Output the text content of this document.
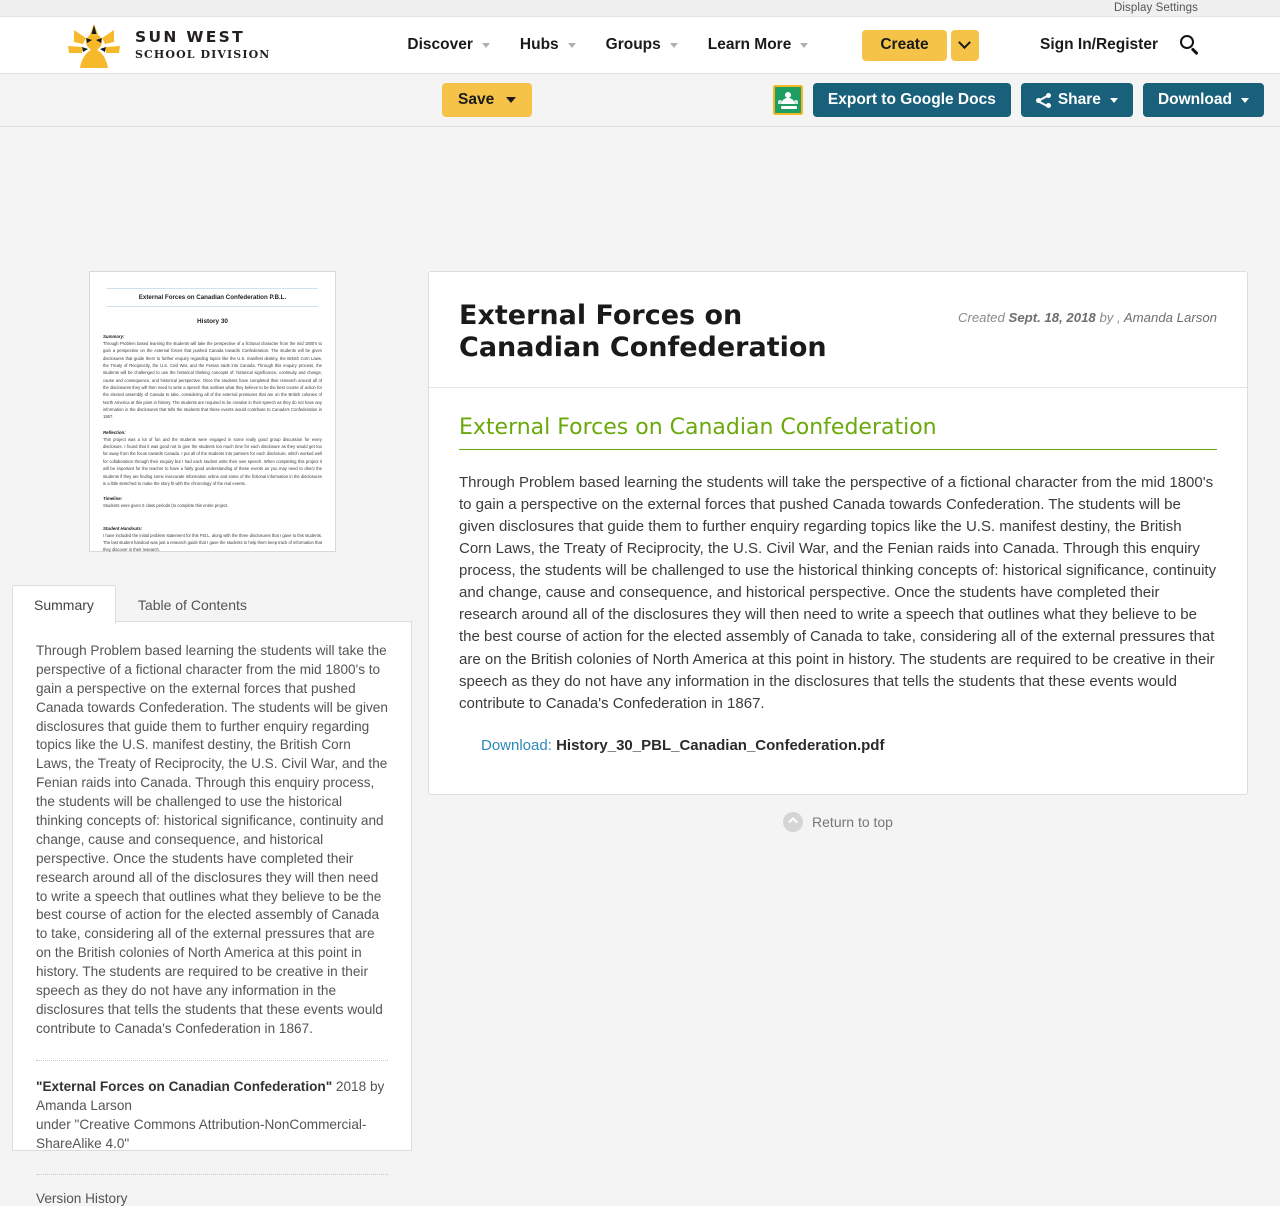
Display Settings
SUN WEST
SCHOOL DIVISION
Discover	Hubs	Groups	Learn More	Create	Sign In/Register
Save	Export to Google Docs	Share	Download
External Forces on Canadian Confederation P.B.L.
History 30
Summary:
Through Problem based learning the students will take the perspective of a fictional character from the mid 1800's to gain a perspective on the external forces that pushed Canada towards Confederation. The students will be given disclosures that guide them to further enquiry regarding topics like the U.S. manifest destiny, the British Corn Laws, the Treaty of Reciprocity, the U.S. Civil War, and the Fenian raids into Canada. Through this enquiry process, the students will be challenged to use the historical thinking concepts of: historical significance, continuity and change, cause and consequence, and historical perspective. Once the students have completed their research around all of the disclosures they will then need to write a speech that outlines what they believe to be the best course of action for the elected assembly of Canada to take, considering all of the external pressures that are on the British colonies of North America at this point in history. The students are required to be creative in their speech as they do not have any information in the disclosures that tells the students that these events would contribute to Canada's Confederation in 1867.
Reflection:
This project was a lot of fun and the students were engaged in some really good group discussion for every disclosure. I found that it was good not to give the students too much time for each disclosure as they would get too far away from the focus towards Canada. I put all of the students into partners for each disclosure, which worked well for collaboration through their enquiry but I had each student write their own speech. When completing this project it will be important for the teacher to have a fairly good understanding of these events as you may need to direct the students if they are finding some inaccurate information online and some of the fictional information in the disclosures is a little stretched to make the story fit with the chronology of the real events.
Timeline:
Students were given 5 class periods (to complete this entire project.
Student Handouts:
I have included the initial problem statement for this P.B.L. along with the three disclosures that I gave to this students. The last student handout was just a research guide that I gave the students to help them keep track of information that they discover in their research.
Summary	Table of Contents

Through Problem based learning the students will take the perspective of a fictional character from the mid 1800's to gain a perspective on the external forces that pushed Canada towards Confederation. The students will be given disclosures that guide them to further enquiry regarding topics like the U.S. manifest destiny, the British Corn Laws, the Treaty of Reciprocity, the U.S. Civil War, and the Fenian raids into Canada. Through this enquiry process, the students will be challenged to use the historical thinking concepts of: historical significance, continuity and change, cause and consequence, and historical perspective. Once the students have completed their research around all of the disclosures they will then need to write a speech that outlines what they believe to be the best course of action for the elected assembly of Canada to take, considering all of the external pressures that are on the British colonies of North America at this point in history. The students are required to be creative in their speech as they do not have any information in the disclosures that tells the students that these events would contribute to Canada's Confederation in 1867.

"External Forces on Canadian Confederation" 2018 by Amanda Larson
under "Creative Commons Attribution-NonCommercial-ShareAlike 4.0"
Version History
External Forces on Canadian Confederation
Created Sept. 18, 2018 by , Amanda Larson
External Forces on Canadian Confederation

Through Problem based learning the students will take the perspective of a fictional character from the mid 1800's to gain a perspective on the external forces that pushed Canada towards Confederation. The students will be given disclosures that guide them to further enquiry regarding topics like the U.S. manifest destiny, the British Corn Laws, the Treaty of Reciprocity, the U.S. Civil War, and the Fenian raids into Canada. Through this enquiry process, the students will be challenged to use the historical thinking concepts of: historical significance, continuity and change, cause and consequence, and historical perspective. Once the students have completed their research around all of the disclosures they will then need to write a speech that outlines what they believe to be the best course of action for the elected assembly of Canada to take, considering all of the external pressures that are on the British colonies of North America at this point in history. The students are required to be creative in their speech as they do not have any information in the disclosures that tells the students that these events would contribute to Canada's Confederation in 1867.

Download: History_30_PBL_Canadian_Confederation.pdf
Return to top
